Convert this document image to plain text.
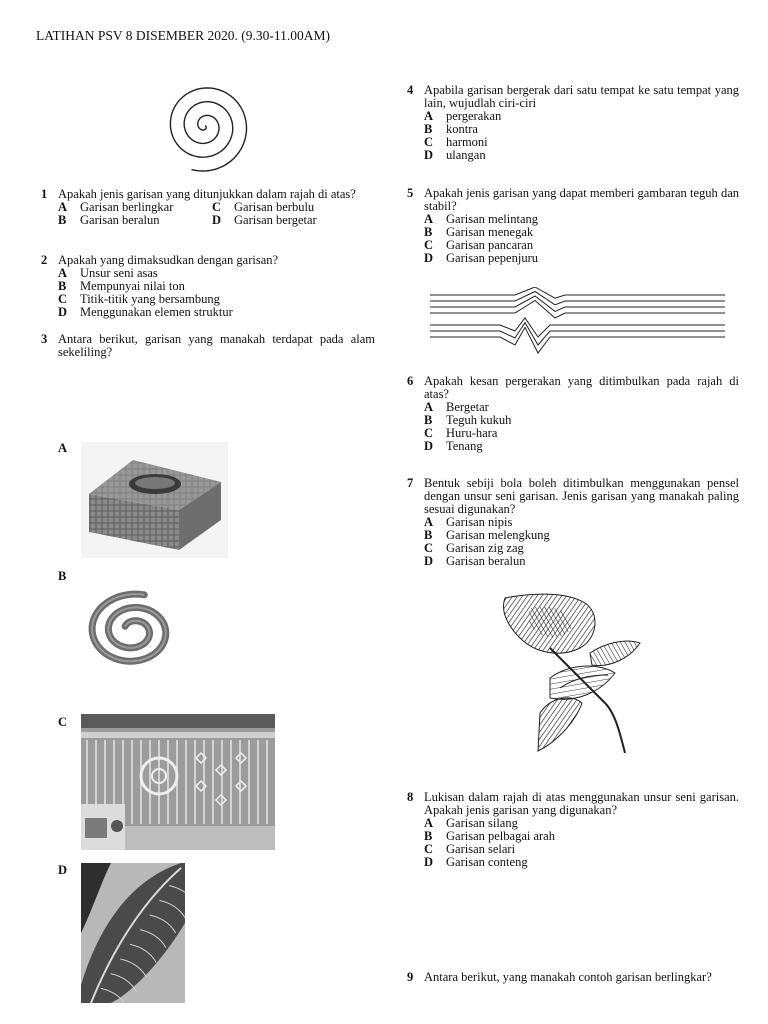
LATIHAN PSV 8 DISEMBER 2020. (9.30-11.00AM)
1 Apakah jenis garisan yang ditunjukkan dalam rajah di atas?
A	Garisan berlingkar	C	Garisan berbulu
B	Garisan beralun	D	Garisan bergetar
2 Apakah yang dimaksudkan dengan garisan?
A	Unsur seni asas
B	Mempunyai nilai ton
C	Titik-titik yang bersambung
D	Menggunakan elemen struktur
3 Antara berikut, garisan yang manakah terdapat pada alam sekeliling?
A
B
C
D
4 Apabila garisan bergerak dari satu tempat ke satu tempat yang lain, wujudlah ciri-ciri
A	pergerakan
B	kontra
C	harmoni
D	ulangan
5 Apakah jenis garisan yang dapat memberi gambaran teguh dan stabil?
A	Garisan melintang
B	Garisan menegak
C	Garisan pancaran
D	Garisan pepenjuru
6 Apakah kesan pergerakan yang ditimbulkan pada rajah di atas?
A	Bergetar
B	Teguh kukuh
C	Huru-hara
D	Tenang
7 Bentuk sebiji bola boleh ditimbulkan menggunakan pensel dengan unsur seni garisan. Jenis garisan yang manakah paling sesuai digunakan?
A	Garisan nipis
B	Garisan melengkung
C	Garisan zig zag
D	Garisan beralun
8 Lukisan dalam rajah di atas menggunakan unsur seni garisan. Apakah jenis garisan yang digunakan?
A	Garisan silang
B	Garisan pelbagai arah
C	Garisan selari
D	Garisan conteng
9 Antara berikut, yang manakah contoh garisan berlingkar?
